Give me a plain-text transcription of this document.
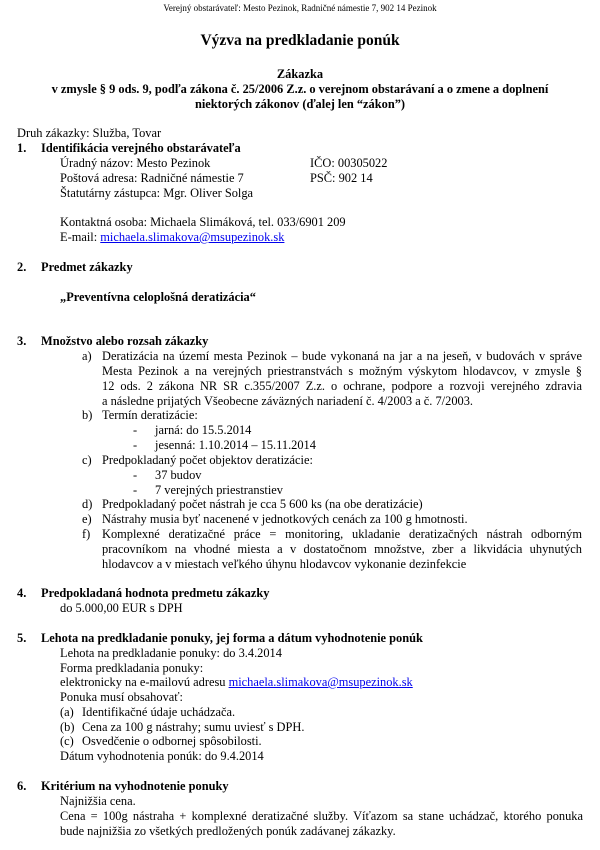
Verejný obstarávateľ: Mesto Pezinok, Radničné námestie 7, 902 14 Pezinok
Výzva na predkladanie ponúk
Zákazka
v zmysle § 9 ods. 9, podľa zákona č. 25/2006 Z.z. o verejnom obstarávaní a o zmene a doplnení
niektorých zákonov (ďalej len “zákon”)
Druh zákazky: Služba, Tovar
1. Identifikácia verejného obstarávateľa
Úradný názov: Mesto Pezinok	IČO: 00305022
Poštová adresa: Radničné námestie 7	PSČ: 902 14
Štatutárny zástupca: Mgr. Oliver Solga
Kontaktná osoba: Michaela Slimáková, tel. 033/6901 209
E-mail: michaela.slimakova@msupezinok.sk
2. Predmet zákazky
„Preventívna celoplošná deratizácia“
3. Množstvo alebo rozsah zákazky
a) Deratizácia na území mesta Pezinok – bude vykonaná na jar a na jeseň, v budovách v správe
Mesta Pezinok a na verejných priestranstvách s možným výskytom hlodavcov, v zmysle §
12 ods. 2 zákona NR SR c.355/2007 Z.z. o ochrane, podpore a rozvoji verejného zdravia
a následne prijatých Všeobecne záväzných nariadení č. 4/2003 a č. 7/2003.
b) Termín deratizácie:
- jarná: do 15.5.2014
- jesenná: 1.10.2014 – 15.11.2014
c) Predpokladaný počet objektov deratizácie:
- 37 budov
- 7 verejných priestranstiev
d) Predpokladaný počet nástrah je cca 5 600 ks (na obe deratizácie)
e) Nástrahy musia byť nacenené v jednotkových cenách za 100 g hmotnosti.
f) Komplexné deratizačné práce = monitoring, ukladanie deratizačných nástrah odborným
pracovníkom na vhodné miesta a v dostatočnom množstve, zber a likvidácia uhynutých
hlodavcov a v miestach veľkého úhynu hlodavcov vykonanie dezinfekcie
4. Predpokladaná hodnota predmetu zákazky
do 5.000,00 EUR s DPH
5. Lehota na predkladanie ponuky, jej forma a dátum vyhodnotenie ponúk
Lehota na predkladanie ponuky: do 3.4.2014
Forma predkladania ponuky:
elektronicky na e-mailovú adresu michaela.slimakova@msupezinok.sk
Ponuka musí obsahovať:
(a) Identifikačné údaje uchádzača.
(b) Cena za 100 g nástrahy; sumu uviesť s DPH.
(c) Osvedčenie o odbornej spôsobilosti.
Dátum vyhodnotenia ponúk: do 9.4.2014
6. Kritérium na vyhodnotenie ponuky
Najnižšia cena.
Cena = 100g nástraha + komplexné deratizačné služby. Víťazom sa stane uchádzač, ktorého ponuka
bude najnižšia zo všetkých predložených ponúk zadávanej zákazky.
